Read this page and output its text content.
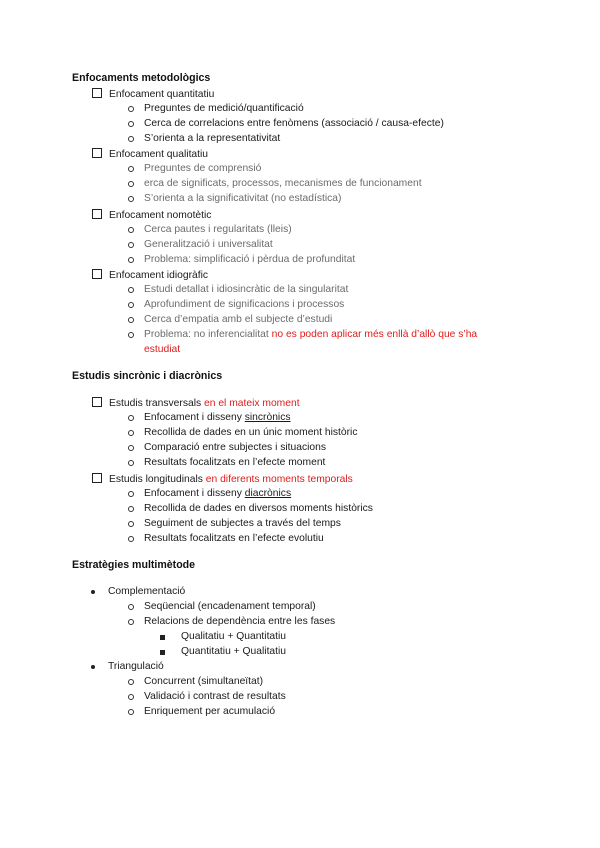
Enfocaments metodològics
Enfocament quantitatiu
Preguntes de medició/quantificació
Cerca de correlacions entre fenòmens (associació / causa-efecte)
S’orienta a la representativitat
Enfocament qualitatiu
Preguntes de comprensió
erca de significats, processos, mecanismes de funcionament
S’orienta a la significativitat (no estadística)
Enfocament nomotètic
Cerca pautes i regularitats (lleis)
Generalització i universalitat
Problema: simplificació i pèrdua de profunditat
Enfocament idiogràfic
Estudi detallat i idiosincràtic de la singularitat
Aprofundiment de significacions i processos
Cerca d’empatia amb el subjecte d’estudi
Problema: no inferencialitat no es poden aplicar més enllà d’allò que s’ha
estudiat
Estudis sincrònic i diacrònics
Estudis transversals en el mateix moment
Enfocament i disseny sincrònics
Recollida de dades en un únic moment històric
Comparació entre subjectes i situacions
Resultats focalitzats en l’efecte moment
Estudis longitudinals en diferents moments temporals
Enfocament i disseny diacrònics
Recollida de dades en diversos moments històrics
Seguiment de subjectes a través del temps
Resultats focalitzats en l’efecte evolutiu
Estratègies multimètode
Complementació
Seqüencial (encadenament temporal)
Relacions de dependència entre les fases
Qualitatiu + Quantitatiu
Quantitatiu + Qualitatiu
Triangulació
Concurrent (simultaneïtat)
Validació i contrast de resultats
Enriquement per acumulació
